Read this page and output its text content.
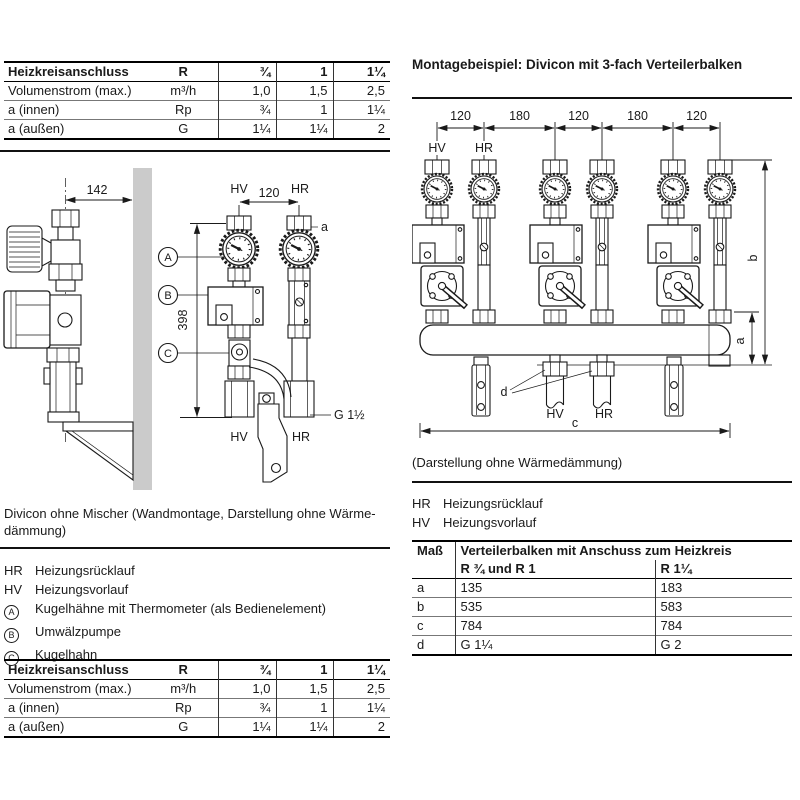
Heizkreisanschluss	R	¾	1	1¼
Volumenstrom (max.)	m³/h	1,0	1,5	2,5
a (innen)	Rp	¾	1	1¼
a (außen)	G	1¼	1¼	2
Montagebeispiel: Divicon mit 3-fach Verteilerbalken
142
398
HV 120 HR
a
A
B
C
G 1½
HV	HR
120	180	120	180	120
HV HR
d
HV	HR
b
a
c
(Darstellung ohne Wärmedämmung)
HR Heizungsrücklauf
HV Heizungsvorlauf
Maß	Verteilerbalken mit Anschuss zum Heizkreis	
	R ¾ und R 1	R 1¼
a	135	183
b	535	583
c	784	784
d	G 1¼	G 2
Divicon ohne Mischer (Wandmontage, Darstellung ohne Wärme-
dämmung)
HR Heizungsrücklauf
HV Heizungsvorlauf
A	Kugelhähne mit Thermometer (als Bedienelement)
B	Umwälzpumpe
C	Kugelhahn
Heizkreisanschluss	R	¾	1	1¼
Volumenstrom (max.)	m³/h	1,0	1,5	2,5
a (innen)	Rp	¾	1	1¼
a (außen)	G	1¼	1¼	2
